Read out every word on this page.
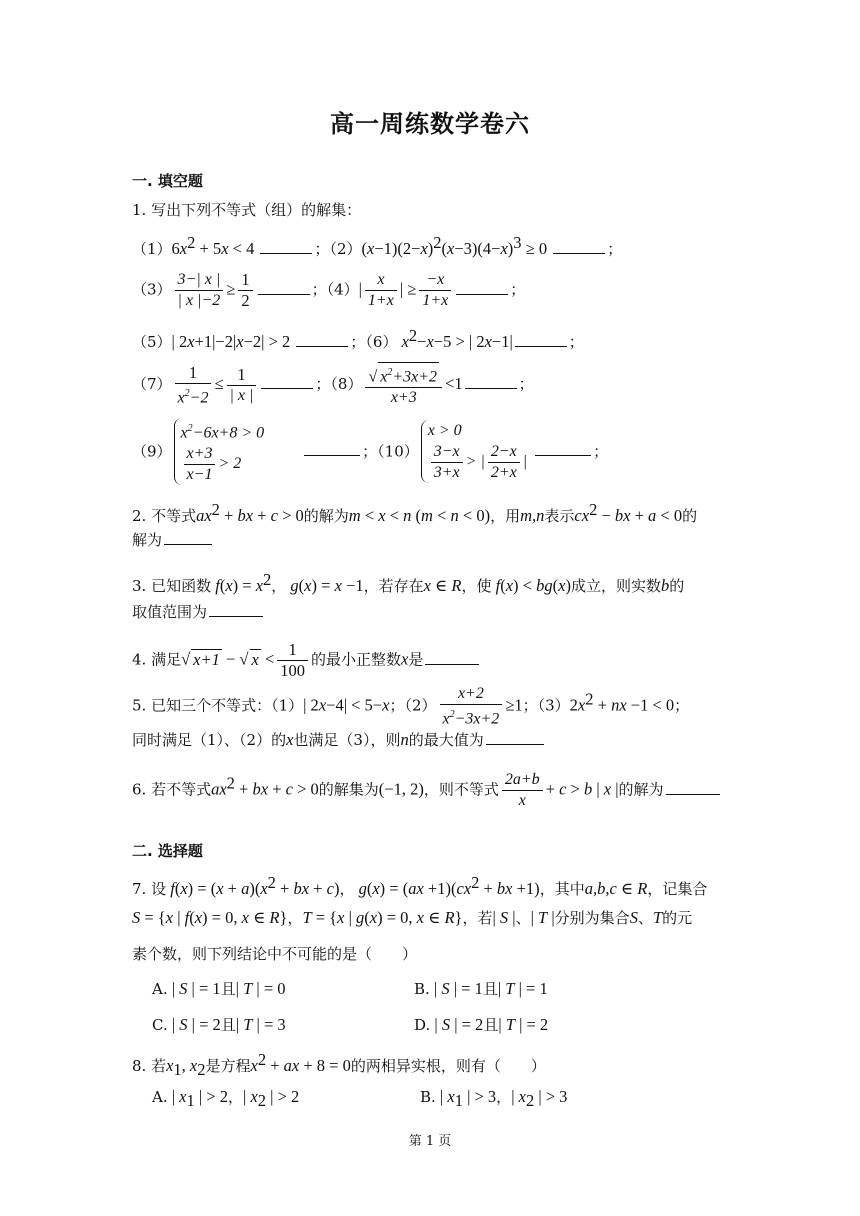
高一周练数学卷六
一. 填空题
1. 写出下列不等式（组）的解集：
$(1)6x^2 + 5x < 4$	；$(2)(x-1)(2-x)^2(x-3)(4-x)^3 \ge 0$	；
$(3) \frac{3-| x |}{| x |-2} \ge \frac{1}{2}$	；$(4)| \frac{x}{1+x}$ | ≥ $\frac{-x}{1+x}$	；
（5）| 2x+1|−2|x−2| > 2	；（6） $x^2-x-5$ > | 2x−1|	；
$(7) \frac{1}{x^2-2} \le \frac{1}{| x |}$	；$(8) \frac{√ x^2+3x+2}{x+3} <1$	；
（9）
$x^2-6x+8 > 0$
$\frac{x+3}{x-1} > 2$
；（10）
x > 0
$\frac{3-x}{3+x}$ > | $\frac{2-x}{2+x}$ |
；
2. 不等式$ax^2$ + bx + c > 0的解为m < x < n (m < n < 0)，用m,n表示$cx^2$ − bx + a < 0的
解为
3. 已知函数 $f(x) = x^2$， g(x) = x −1，若存在x ∈ R，使 f(x) < bg(x)成立，则实数b的
取值范围为
4. 满足√ x+1 − √ $x < \frac{1}{100}$ 的最小正整数x是
5. 已知三个不等式：（1）| 2x−4| < 5−x；$(2) \frac{x+2}{x^2-3x+2} \ge 1$；$(3)2x^2$ + nx −1 < 0；
同时满足（1）、（2）的x也满足（3），则n的最大值为
6. 若不等式$ax^2$ + bx + c > 0的解集为(−1, 2)，则不等式 $\frac{2a+b}{x} + c > b$ | x |的解为
二. 选择题
7. 设 $f(x) = (x + a)(x^2$ + bx + c)， $g(x) = (ax +1)(cx^2$ + bx +1)，其中a,b,c ∈ R，记集合
S = {x | f(x) = 0, x ∈ R}，T = {x | g(x) = 0, x ∈ R}，若| S |、| T |分别为集合S、T的元
素个数，则下列结论中不可能的是（　　）
A. | S | = 1且| T | = 0	B. | S | = 1且| T | = 1
C. | S | = 2且| T | = 3	D. | S | = 2且| T | = 2
8. 若$x_1$, $x_2$是方程$x^2$ + ax + 8 = 0的两相异实根，则有（　　）
A. | $x_1$ | > 2，| $x_2$ | > 2	B. | $x_1$ | > 3，| $x_2$ | > 3
第 1 页
